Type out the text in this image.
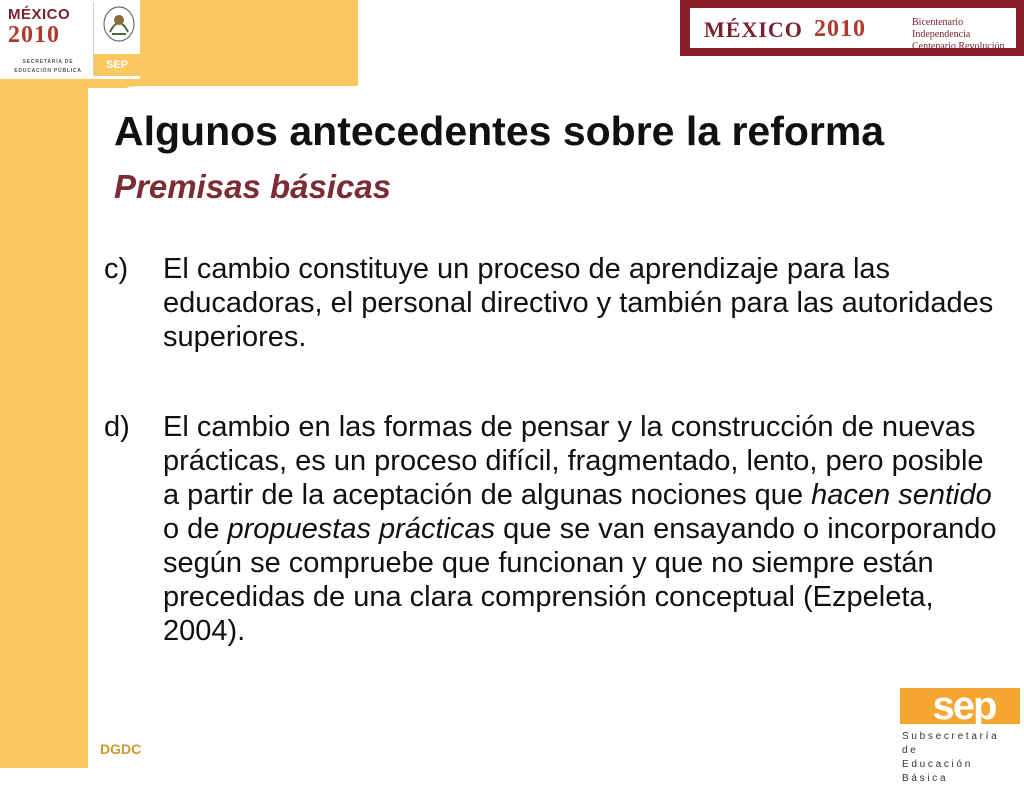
MÉXICO
2010
SECRETARÍA DE EDUCACIÓN PÚBLICA	SEP
MÉXICO 2010	Bicentenario Independencia
Centenario Revolución
Algunos antecedentes sobre la reforma
Premisas básicas
c) El cambio constituye un proceso de aprendizaje para las educadoras, el personal directivo y también para las autoridades superiores.
d) El cambio en las formas de pensar y la construcción de nuevas prácticas, es un proceso difícil, fragmentado, lento, pero posible a partir de la aceptación de algunas nociones que hacen sentido o de propuestas prácticas que se van ensayando o incorporando según se compruebe que funcionan y que no siempre están precedidas de una clara comprensión conceptual (Ezpeleta, 2004).
DGDC
sep
Subsecretaría de
Educación Básica
